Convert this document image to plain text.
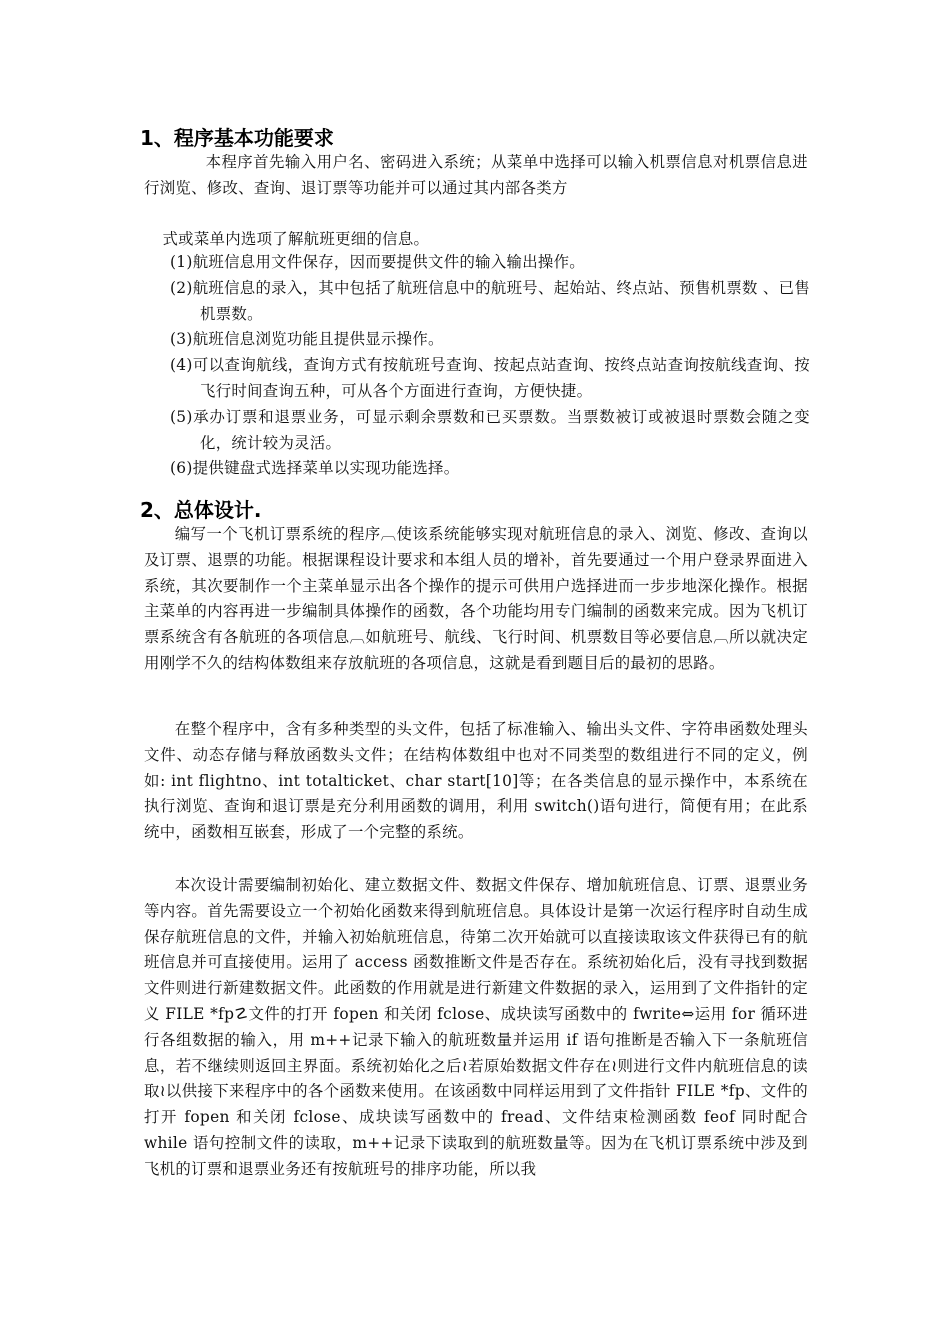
1、程序基本功能要求

本程序首先输入用户名、密码进入系统；从菜单中选择可以输入机票信息对机票信息进行浏览、修改、查询、退订票等功能并可以通过其内部各类方

式或菜单内选项了解航班更细的信息。

(1)航班信息用文件保存，因而要提供文件的输入输出操作。
(2)航班信息的录入，其中包括了航班信息中的航班号、起始站、终点站、预售机票数 、已售机票数。
(3)航班信息浏览功能且提供显示操作。
(4)可以查询航线，查询方式有按航班号查询、按起点站查询、按终点站查询按航线查询、按飞行时间查询五种，可从各个方面进行查询，方便快捷。
(5)承办订票和退票业务，可显示剩余票数和已买票数。当票数被订或被退时票数会随之变化，统计较为灵活。
(6)提供键盘式选择菜单以实现功能选择。
2、总体设计.

编写一个飞机订票系统的程序︹使该系统能够实现对航班信息的录入、浏览、修改、查询以及订票、退票的功能。根据课程设计要求和本组人员的增补，首先要通过一个用户登录界面进入系统，其次要制作一个主菜单显示出各个操作的提示可供用户选择进而一步步地深化操作。根据主菜单的内容再进一步编制具体操作的函数，各个功能均用专门编制的函数来完成。因为飞机订票系统含有各航班的各项信息︹如航班号、航线、飞行时间、机票数目等必要信息︹所以就决定用刚学不久的结构体数组来存放航班的各项信息，这就是看到题目后的最初的思路。

在整个程序中，含有多种类型的头文件，包括了标准输入、输出头文件、字符串函数处理头文件、动态存储与释放函数头文件；在结构体数组中也对不同类型的数组进行不同的定义，例如: int flightno、int totalticket、char start[10]等；在各类信息的显示操作中，本系统在执行浏览、查询和退订票是充分利用函数的调用，利用 switch()语句进行，简便有用；在此系统中，函数相互嵌套，形成了一个完整的系统。

本次设计需要编制初始化、建立数据文件、数据文件保存、增加航班信息、订票、退票业务等内容。首先需要设立一个初始化函数来得到航班信息。具体设计是第一次运行程序时自动生成保存航班信息的文件，并输入初始航班信息，待第二次开始就可以直接读取该文件获得已有的航班信息并可直接使用。运用了 access 函数推断文件是否存在。系统初始化后，没有寻找到数据文件则进行新建数据文件。此函数的作用就是进行新建文件数据的录入，运用到了文件指针的定义 FILE *fp☡文件的打开 fopen 和关闭 fclose、成块读写函数中的 fwrite⇔运用 for 循环进行各组数据的输入，用 m++记录下输入的航班数量并运用 if 语句推断是否输入下一条航班信息，若不继续则返回主界面。系统初始化之后≀若原始数据文件存在≀则进行文件内航班信息的读取≀以供接下来程序中的各个函数来使用。在该函数中同样运用到了文件指针 FILE *fp、文件的打开 fopen 和关闭 fclose、成块读写函数中的 fread、文件结束检测函数 feof 同时配合 while 语句控制文件的读取，m++记录下读取到的航班数量等。因为在飞机订票系统中涉及到飞机的订票和退票业务还有按航班号的排序功能，所以我
